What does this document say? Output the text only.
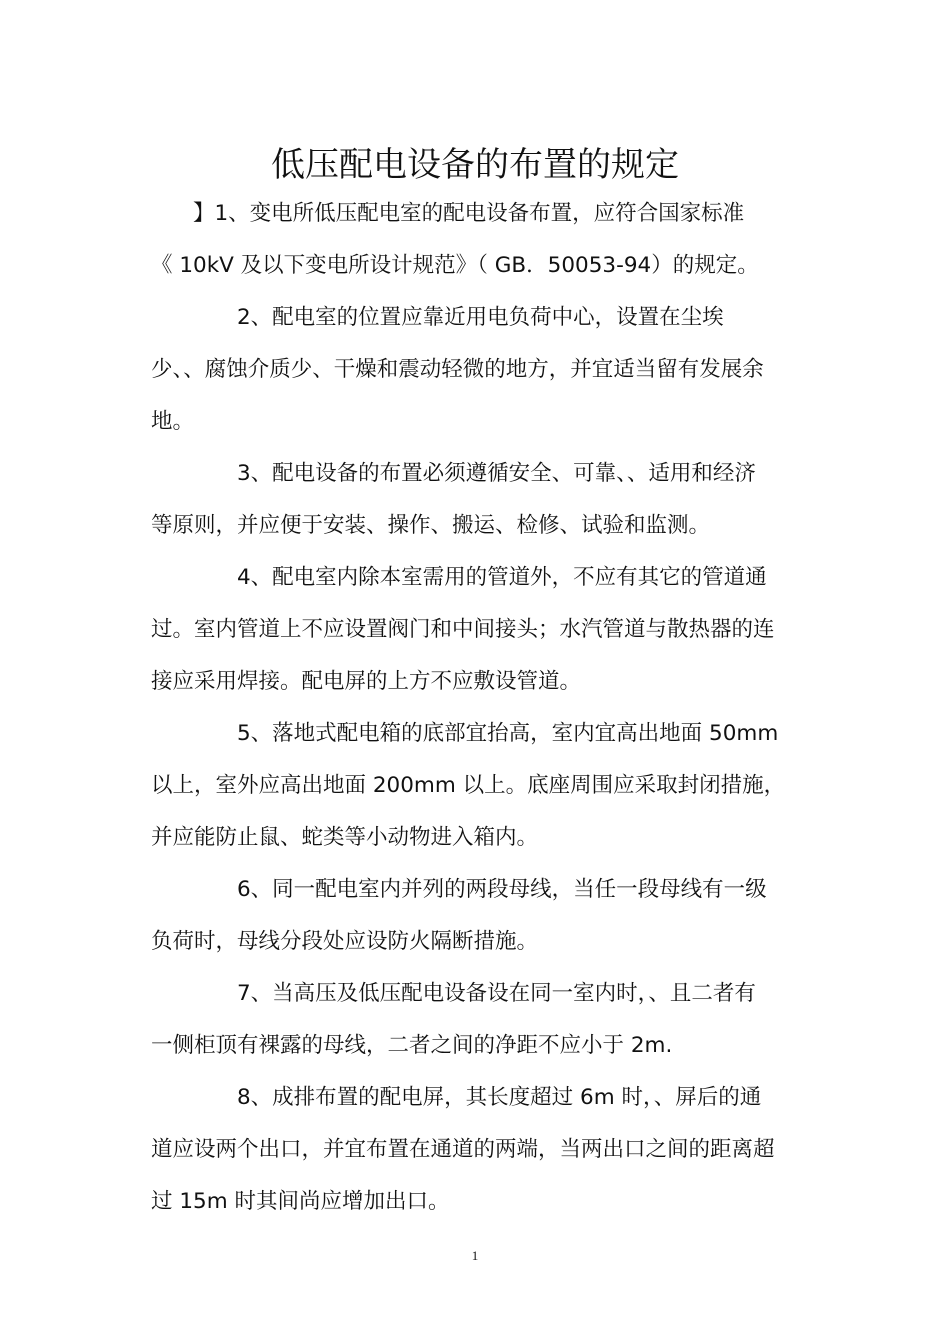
低压配电设备的布置的规定
】1、变电所低压配电室的配电设备布置，应符合国家标准
《 10kV 及以下变电所设计规范》（ GB．50053-94）的规定。
2、配电室的位置应靠近用电负荷中心，设置在尘埃
少、、腐蚀介质少、干燥和震动轻微的地方，并宜适当留有发展余
地。
3、配电设备的布置必须遵循安全、可靠、、适用和经济
等原则，并应便于安装、操作、搬运、检修、试验和监测。
4、配电室内除本室需用的管道外，不应有其它的管道通
过。室内管道上不应设置阀门和中间接头；水汽管道与散热器的连
接应采用焊接。配电屏的上方不应敷设管道。
5、落地式配电箱的底部宜抬高，室内宜高出地面 50mm
以上，室外应高出地面 200mm 以上。底座周围应采取封闭措施，
并应能防止鼠、蛇类等小动物进入箱内。
6、同一配电室内并列的两段母线，当任一段母线有一级
负荷时，母线分段处应设防火隔断措施。
7、当高压及低压配电设备设在同一室内时，、且二者有
一侧柜顶有裸露的母线，二者之间的净距不应小于 2m.
8、成排布置的配电屏，其长度超过 6m 时，、屏后的通
道应设两个出口，并宜布置在通道的两端，当两出口之间的距离超
过 15m 时其间尚应增加出口。
1
